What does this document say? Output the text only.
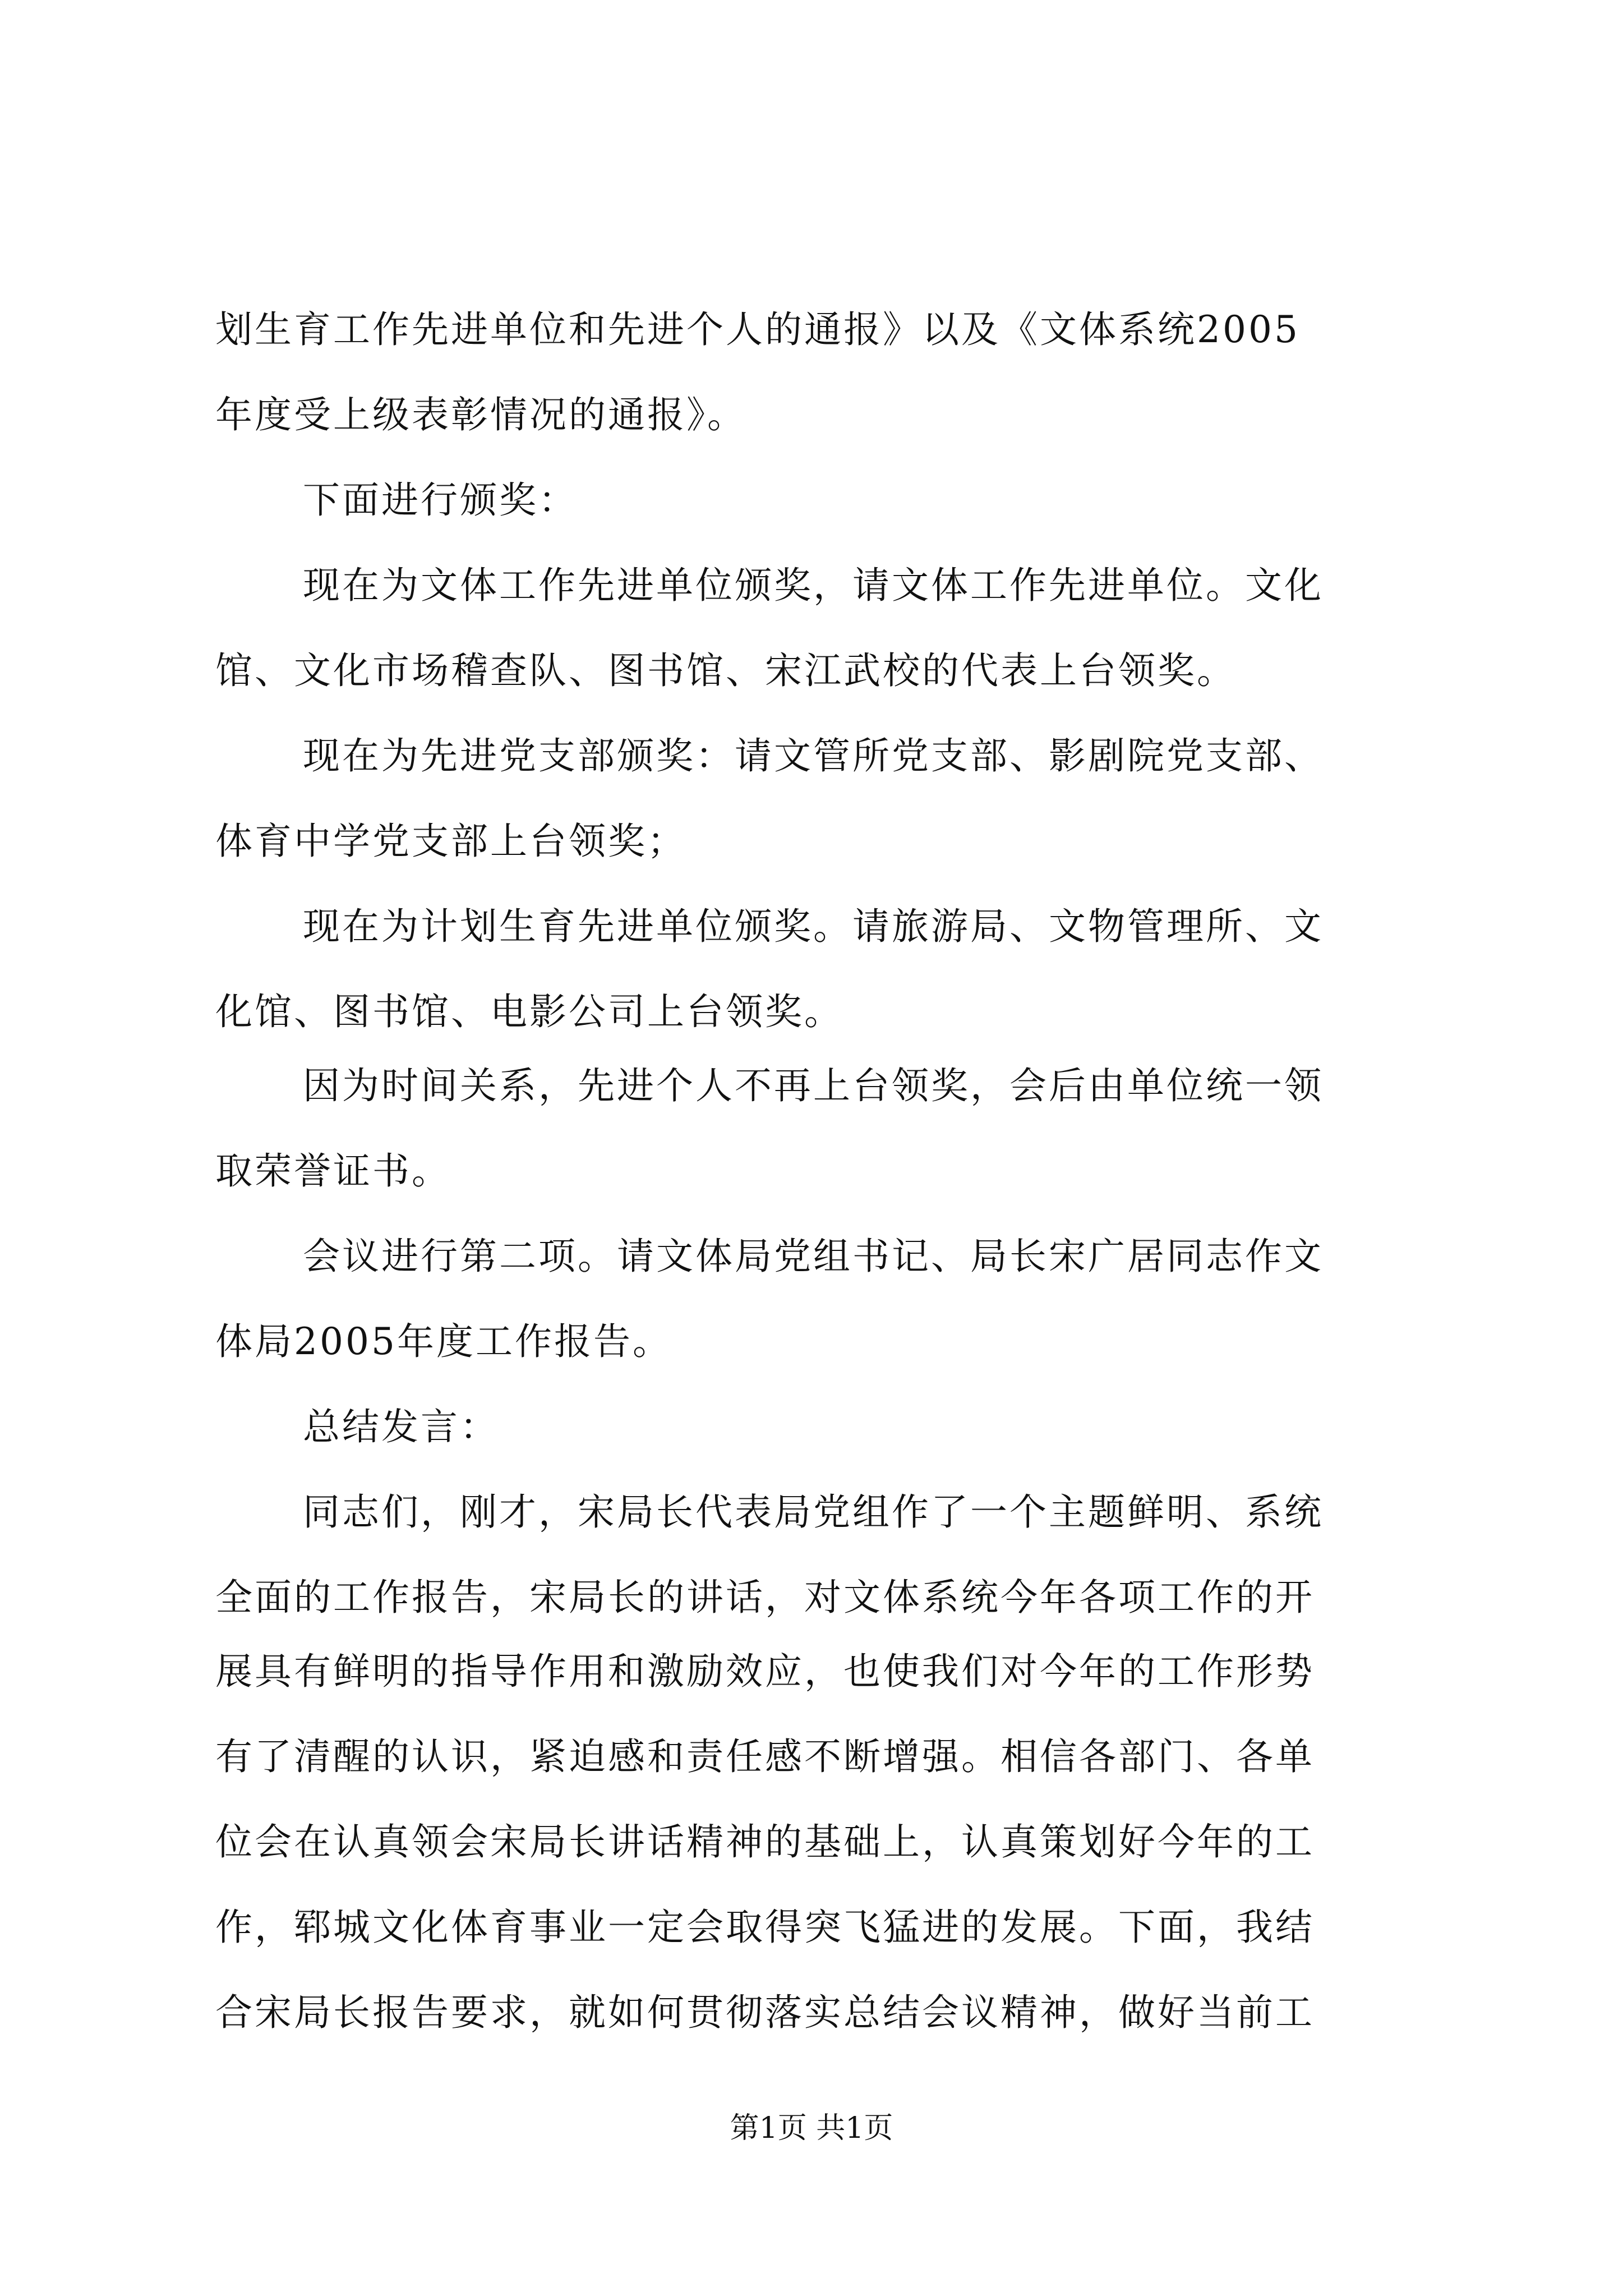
划生育工作先进单位和先进个人的通报》以及《文体系统2005
年度受上级表彰情况的通报》。
下面进行颁奖：
现在为文体工作先进单位颁奖，请文体工作先进单位。文化
馆、文化市场稽查队、图书馆、宋江武校的代表上台领奖。
现在为先进党支部颁奖：请文管所党支部、影剧院党支部、
体育中学党支部上台领奖；
现在为计划生育先进单位颁奖。请旅游局、文物管理所、文
化馆、图书馆、电影公司上台领奖。
因为时间关系，先进个人不再上台领奖，会后由单位统一领
取荣誉证书。
会议进行第二项。请文体局党组书记、局长宋广居同志作文
体局2005年度工作报告。
总结发言：
同志们，刚才，宋局长代表局党组作了一个主题鲜明、系统
全面的工作报告，宋局长的讲话，对文体系统今年各项工作的开
展具有鲜明的指导作用和激励效应，也使我们对今年的工作形势
有了清醒的认识，紧迫感和责任感不断增强。相信各部门、各单
位会在认真领会宋局长讲话精神的基础上，认真策划好今年的工
作，郓城文化体育事业一定会取得突飞猛进的发展。下面，我结
合宋局长报告要求，就如何贯彻落实总结会议精神，做好当前工
第1页 共1页
